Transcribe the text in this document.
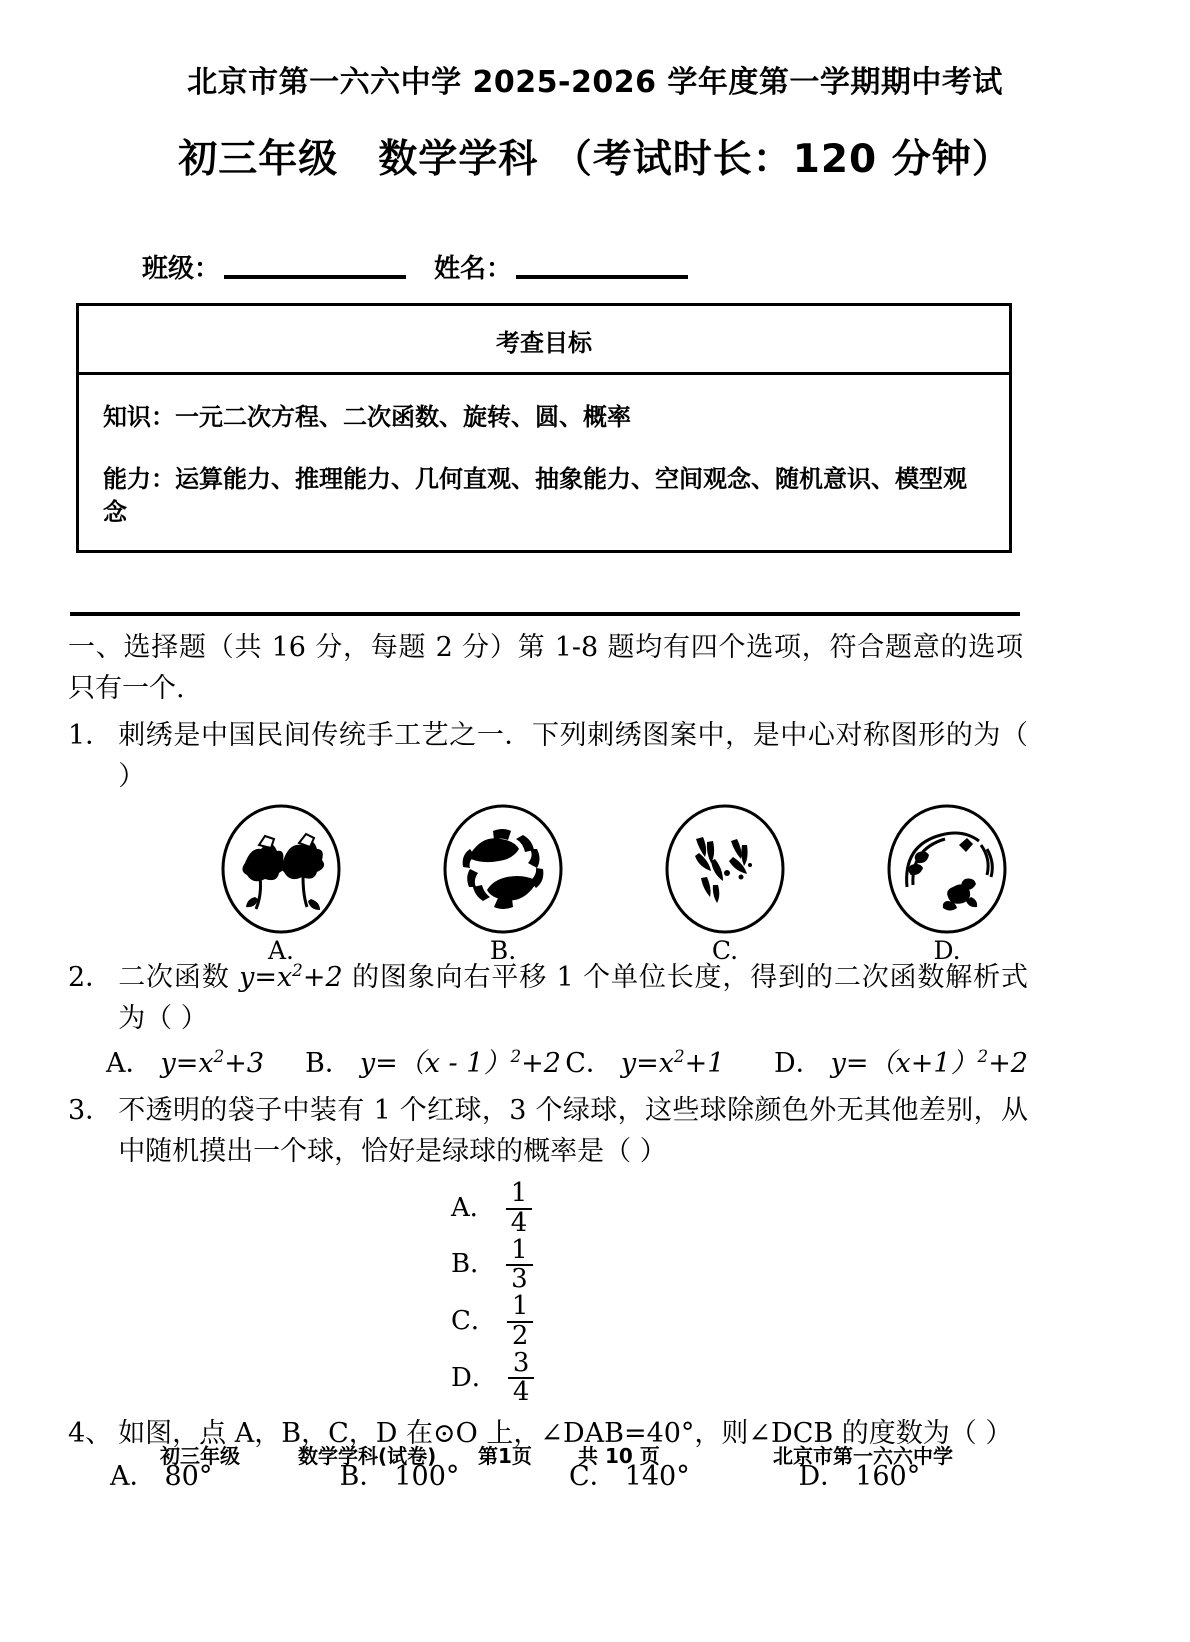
北京市第一六六中学 2025-2026 学年度第一学期期中考试
初三年级　数学学科 （考试时长：120 分钟）
班级：	姓名：
考查目标
知识：一元二次方程、二次函数、旋转、圆、概率
能力：运算能力、推理能力、几何直观、抽象能力、空间观念、随机意识、模型观念
一、选择题（共 16 分，每题 2 分）第 1-8 题均有四个选项，符合题意的选项只有一个.
1． 刺绣是中国民间传统手工艺之一．下列刺绣图案中，是中心对称图形的为（ ）
A.	B.	C.	D.
2． 二次函数 $y=x^2+2$ 的图象向右平移 1 个单位长度，得到的二次函数解析式为（ ）
A． $y=x^2+3$ B． y=（x - 1）$^2$+2 C． $y=x^2+1$ D． $y=(x+1)^2+2$
3． 不透明的袋子中装有 1 个红球，3 个绿球，这些球除颜色外无其他差别，从中随机摸出一个球，恰好是绿球的概率是（ ）
A． $\frac{1}{4}$
B． $\frac{1}{3}$
C． $\frac{1}{2}$
D． $\frac{3}{4}$
4、 如图，点 A，B，C，D 在⊙O 上，∠DAB=40°，则∠DCB 的度数为（ ）
A． 80°	B． 100°	C． 140°	D． 160°
初三年级	数学学科(试卷)	第1页	共 10 页	北京市第一六六中学
